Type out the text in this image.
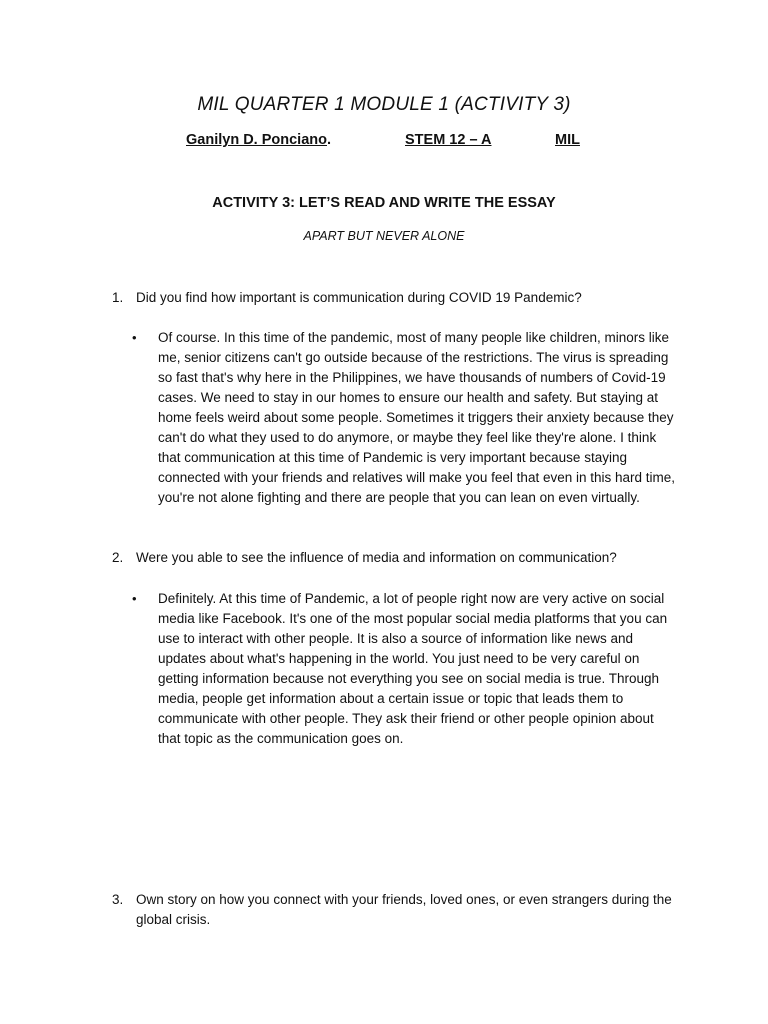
MIL QUARTER 1 MODULE 1 (ACTIVITY 3)
Ganilyn D. Ponciano.	STEM 12 – A	MIL
ACTIVITY 3: LET’S READ AND WRITE THE ESSAY
APART BUT NEVER ALONE
1. Did you find how important is communication during COVID 19 Pandemic?
• Of course. In this time of the pandemic, most of many people like children, minors like me, senior citizens can't go outside because of the restrictions. The virus is spreading so fast that's why here in the Philippines, we have thousands of numbers of Covid-19 cases. We need to stay in our homes to ensure our health and safety. But staying at home feels weird about some people. Sometimes it triggers their anxiety because they can't do what they used to do anymore, or maybe they feel like they're alone. I think that communication at this time of Pandemic is very important because staying connected with your friends and relatives will make you feel that even in this hard time, you're not alone fighting and there are people that you can lean on even virtually.
2. Were you able to see the influence of media and information on communication?
• Definitely. At this time of Pandemic, a lot of people right now are very active on social media like Facebook. It's one of the most popular social media platforms that you can use to interact with other people. It is also a source of information like news and updates about what's happening in the world. You just need to be very careful on getting information because not everything you see on social media is true. Through media, people get information about a certain issue or topic that leads them to communicate with other people. They ask their friend or other people opinion about that topic as the communication goes on.
3. Own story on how you connect with your friends, loved ones, or even strangers during the global crisis.
